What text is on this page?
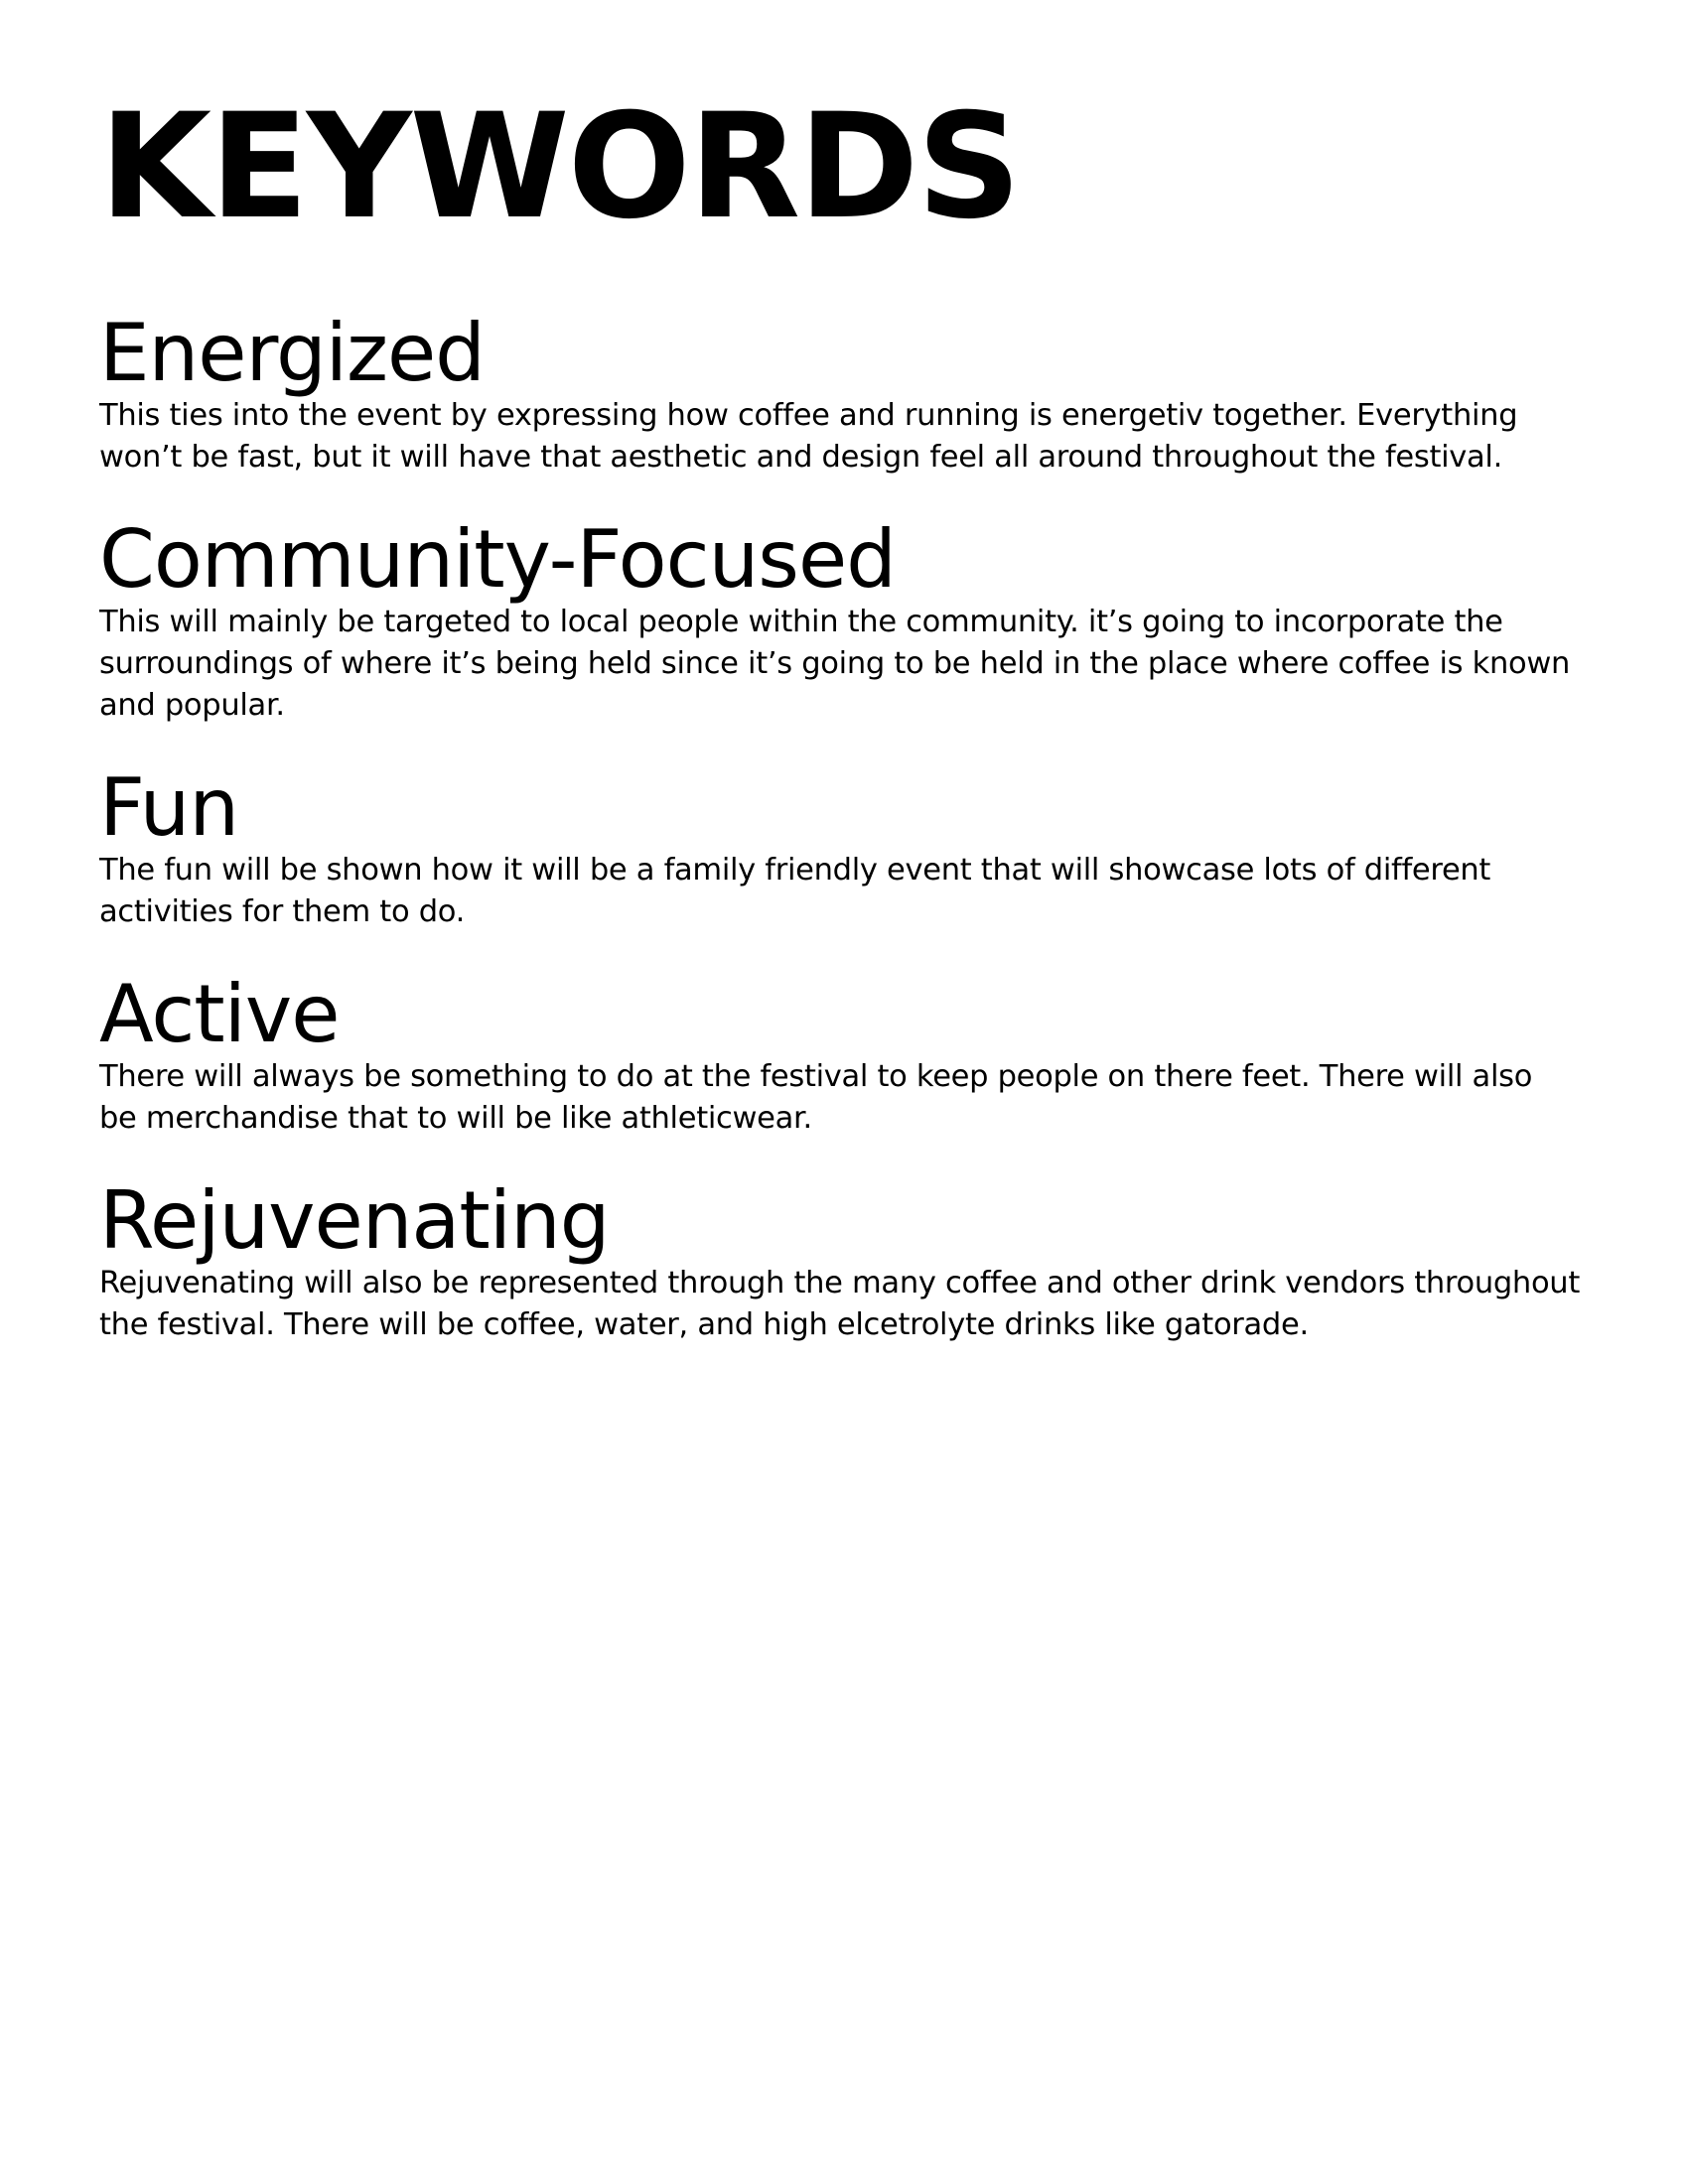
KEYWORDS
Energized

This ties into the event by expressing how coffee and running is energetiv together. Everything
won’t be fast, but it will have that aesthetic and design feel all around throughout the festival.

Community-Focused

This will mainly be targeted to local people within the community. it’s going to incorporate the
surroundings of where it’s being held since it’s going to be held in the place where coffee is known
and popular.

Fun

The fun will be shown how it will be a family friendly event that will showcase lots of different
activities for them to do.

Active

There will always be something to do at the festival to keep people on there feet. There will also
be merchandise that to will be like athleticwear.

Rejuvenating

Rejuvenating will also be represented through the many coffee and other drink vendors throughout
the festival. There will be coffee, water, and high elcetrolyte drinks like gatorade.
